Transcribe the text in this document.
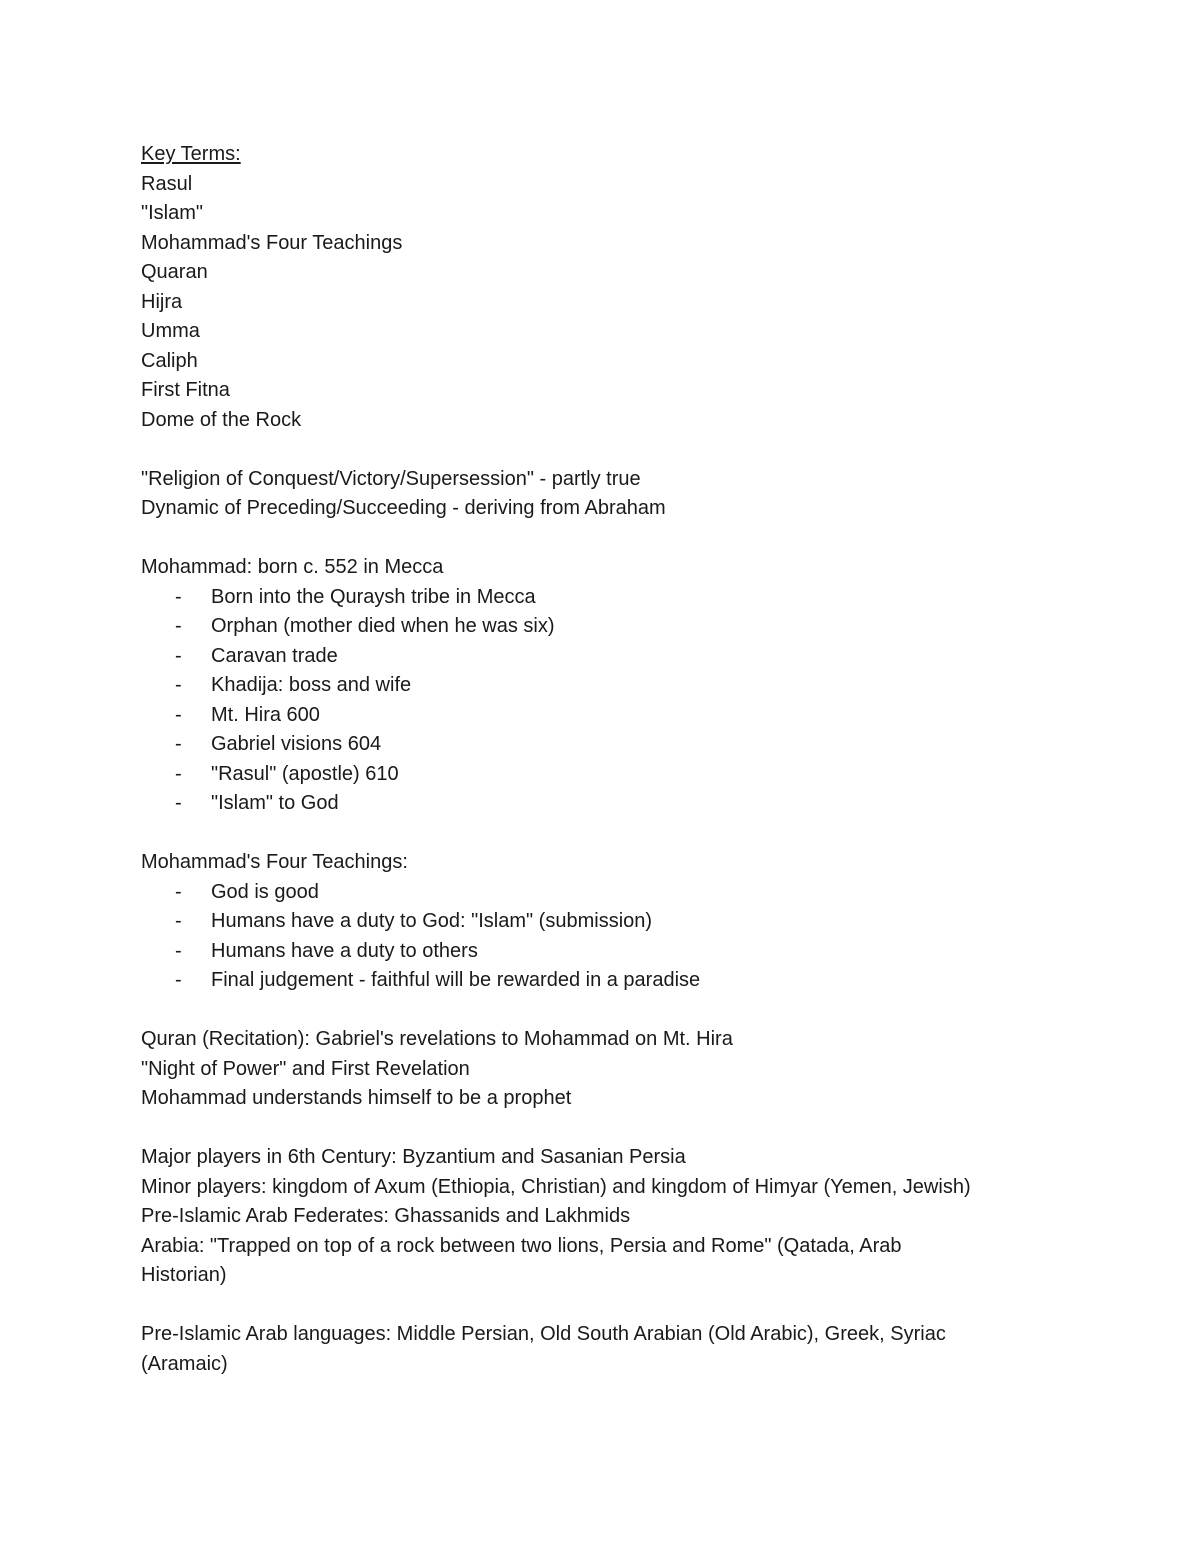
Key Terms:

Rasul

"Islam"

Mohammad's Four Teachings

Quaran

Hijra

Umma

Caliph

First Fitna

Dome of the Rock

"Religion of Conquest/Victory/Supersession" - partly true

Dynamic of Preceding/Succeeding - deriving from Abraham

Mohammad: born c. 552 in Mecca

- Born into the Quraysh tribe in Mecca
- Orphan (mother died when he was six)
- Caravan trade
- Khadija: boss and wife
- Mt. Hira 600
- Gabriel visions 604
- "Rasul" (apostle) 610
- "Islam" to God

Mohammad's Four Teachings:

- God is good
- Humans have a duty to God: "Islam" (submission)
- Humans have a duty to others
- Final judgement - faithful will be rewarded in a paradise

Quran (Recitation): Gabriel's revelations to Mohammad on Mt. Hira

"Night of Power" and First Revelation

Mohammad understands himself to be a prophet

Major players in 6th Century: Byzantium and Sasanian Persia

Minor players: kingdom of Axum (Ethiopia, Christian) and kingdom of Himyar (Yemen, Jewish)

Pre-Islamic Arab Federates: Ghassanids and Lakhmids

Arabia: "Trapped on top of a rock between two lions, Persia and Rome" (Qatada, Arab Historian)

Pre-Islamic Arab languages: Middle Persian, Old South Arabian (Old Arabic), Greek, Syriac (Aramaic)
